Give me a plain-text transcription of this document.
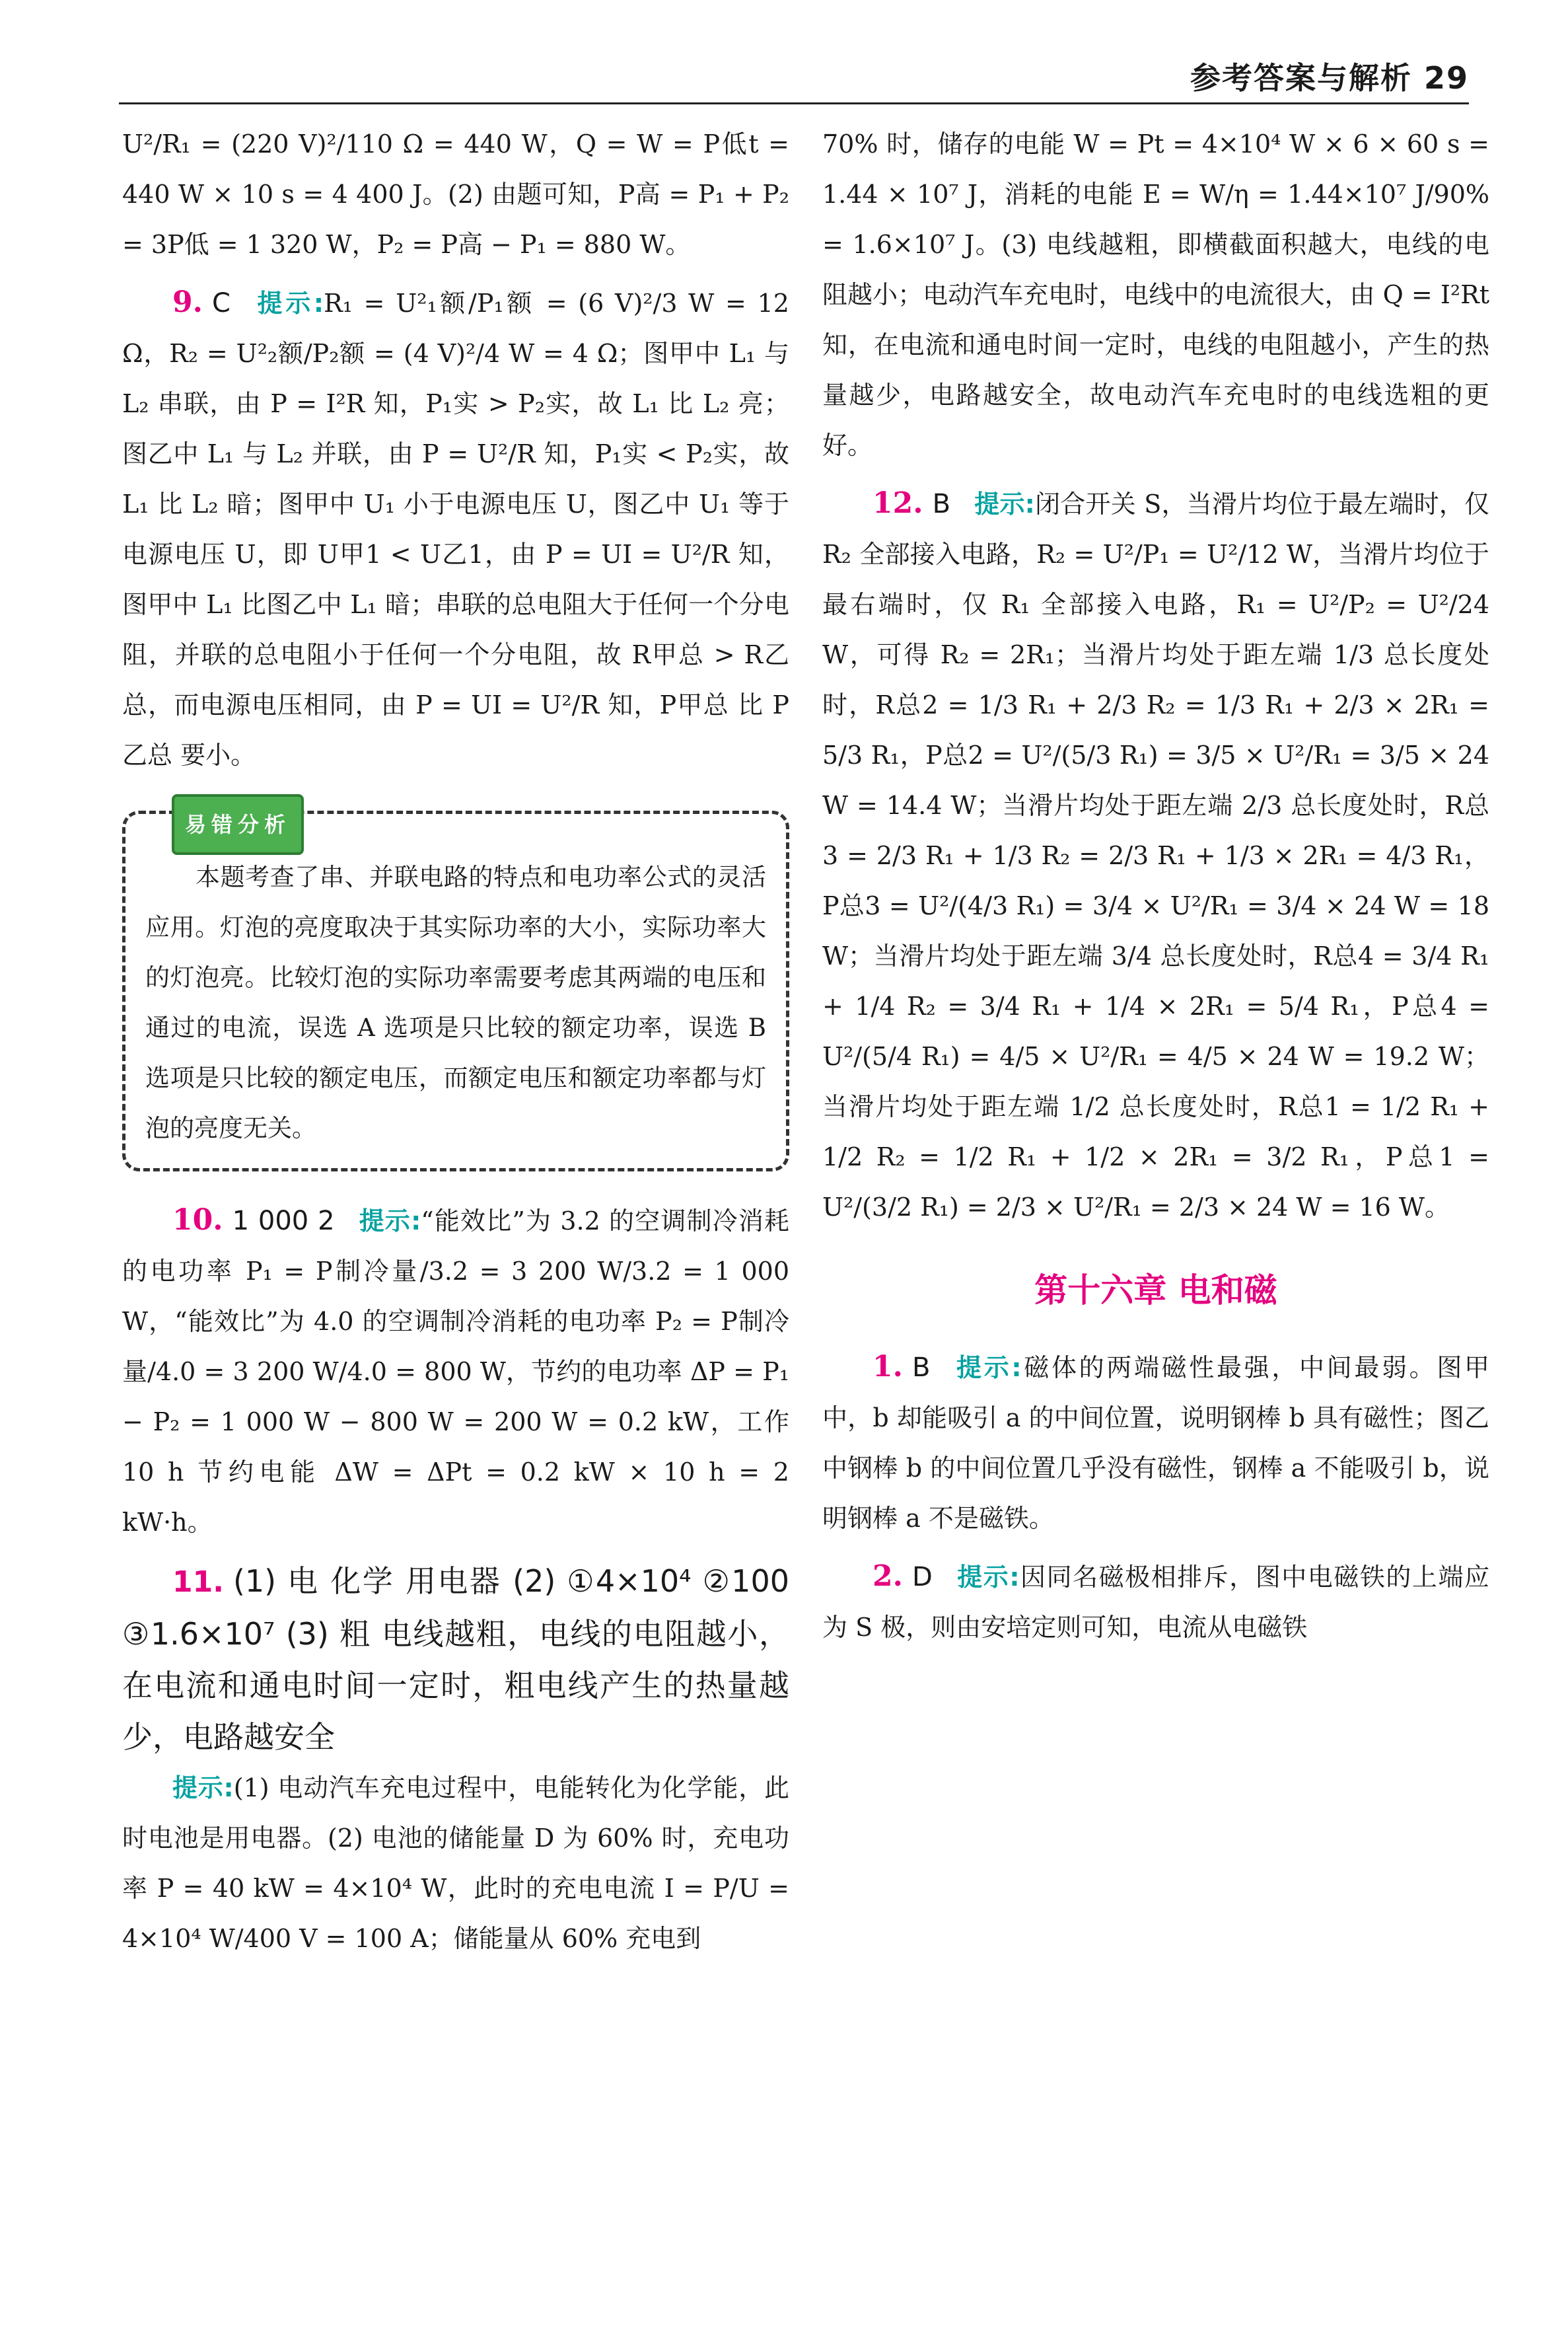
参考答案与解析 29

U²/R₁ = (220 V)²/110 Ω = 440 W，Q = W = P低t = 440 W × 10 s = 4 400 J。(2) 由题可知，P高 = P₁ + P₂ = 3P低 = 1 320 W，P₂ = P高 − P₁ = 880 W。

9. C 提示:R₁ = U²₁额/P₁额 = (6 V)²/3 W = 12 Ω，R₂ = U²₂额/P₂额 = (4 V)²/4 W = 4 Ω；图甲中 L₁ 与 L₂ 串联，由 P = I²R 知，P₁实 > P₂实，故 L₁ 比 L₂ 亮；图乙中 L₁ 与 L₂ 并联，由 P = U²/R 知，P₁实 < P₂实，故 L₁ 比 L₂ 暗；图甲中 U₁ 小于电源电压 U，图乙中 U₁ 等于电源电压 U，即 U甲1 < U乙1，由 P = UI = U²/R 知，图甲中 L₁ 比图乙中 L₁ 暗；串联的总电阻大于任何一个分电阻，并联的总电阻小于任何一个分电阻，故 R甲总 > R乙总，而电源电压相同，由 P = UI = U²/R 知，P甲总 比 P乙总 要小。

易错分析

本题考查了串、并联电路的特点和电功率公式的灵活应用。灯泡的亮度取决于其实际功率的大小，实际功率大的灯泡亮。比较灯泡的实际功率需要考虑其两端的电压和通过的电流，误选 A 选项是只比较的额定功率，误选 B 选项是只比较的额定电压，而额定电压和额定功率都与灯泡的亮度无关。

10. 1 000 2 提示:“能效比”为 3.2 的空调制冷消耗的电功率 P₁ = P制冷量/3.2 = 3 200 W/3.2 = 1 000 W，“能效比”为 4.0 的空调制冷消耗的电功率 P₂ = P制冷量/4.0 = 3 200 W/4.0 = 800 W，节约的电功率 ΔP = P₁ − P₂ = 1 000 W − 800 W = 200 W = 0.2 kW，工作 10 h 节约电能 ΔW = ΔPt = 0.2 kW × 10 h = 2 kW·h。

11. (1) 电 化学 用电器 (2) ①4×10⁴ ②100 ③1.6×10⁷ (3) 粗 电线越粗，电线的电阻越小，在电流和通电时间一定时，粗电线产生的热量越少，电路越安全

提示:(1) 电动汽车充电过程中，电能转化为化学能，此时电池是用电器。(2) 电池的储能量 D 为 60% 时，充电功率 P = 40 kW = 4×10⁴ W，此时的充电电流 I = P/U = 4×10⁴ W/400 V = 100 A；储能量从 60% 充电到

70% 时，储存的电能 W = Pt = 4×10⁴ W × 6 × 60 s = 1.44 × 10⁷ J，消耗的电能 E = W/η = 1.44×10⁷ J/90% = 1.6×10⁷ J。(3) 电线越粗，即横截面积越大，电线的电阻越小；电动汽车充电时，电线中的电流很大，由 Q = I²Rt 知，在电流和通电时间一定时，电线的电阻越小，产生的热量越少，电路越安全，故电动汽车充电时的电线选粗的更好。

12. B 提示:闭合开关 S，当滑片均位于最左端时，仅 R₂ 全部接入电路，R₂ = U²/P₁ = U²/12 W，当滑片均位于最右端时，仅 R₁ 全部接入电路，R₁ = U²/P₂ = U²/24 W，可得 R₂ = 2R₁；当滑片均处于距左端 1/3 总长度处时，R总2 = 1/3 R₁ + 2/3 R₂ = 1/3 R₁ + 2/3 × 2R₁ = 5/3 R₁，P总2 = U²/(5/3 R₁) = 3/5 × U²/R₁ = 3/5 × 24 W = 14.4 W；当滑片均处于距左端 2/3 总长度处时，R总3 = 2/3 R₁ + 1/3 R₂ = 2/3 R₁ + 1/3 × 2R₁ = 4/3 R₁，P总3 = U²/(4/3 R₁) = 3/4 × U²/R₁ = 3/4 × 24 W = 18 W；当滑片均处于距左端 3/4 总长度处时，R总4 = 3/4 R₁ + 1/4 R₂ = 3/4 R₁ + 1/4 × 2R₁ = 5/4 R₁，P总4 = U²/(5/4 R₁) = 4/5 × U²/R₁ = 4/5 × 24 W = 19.2 W；当滑片均处于距左端 1/2 总长度处时，R总1 = 1/2 R₁ + 1/2 R₂ = 1/2 R₁ + 1/2 × 2R₁ = 3/2 R₁，P总1 = U²/(3/2 R₁) = 2/3 × U²/R₁ = 2/3 × 24 W = 16 W。

第十六章 电和磁

1. B 提示:磁体的两端磁性最强，中间最弱。图甲中，b 却能吸引 a 的中间位置，说明钢棒 b 具有磁性；图乙中钢棒 b 的中间位置几乎没有磁性，钢棒 a 不能吸引 b，说明钢棒 a 不是磁铁。

2. D 提示:因同名磁极相排斥，图中电磁铁的上端应为 S 极，则由安培定则可知，电流从电磁铁
